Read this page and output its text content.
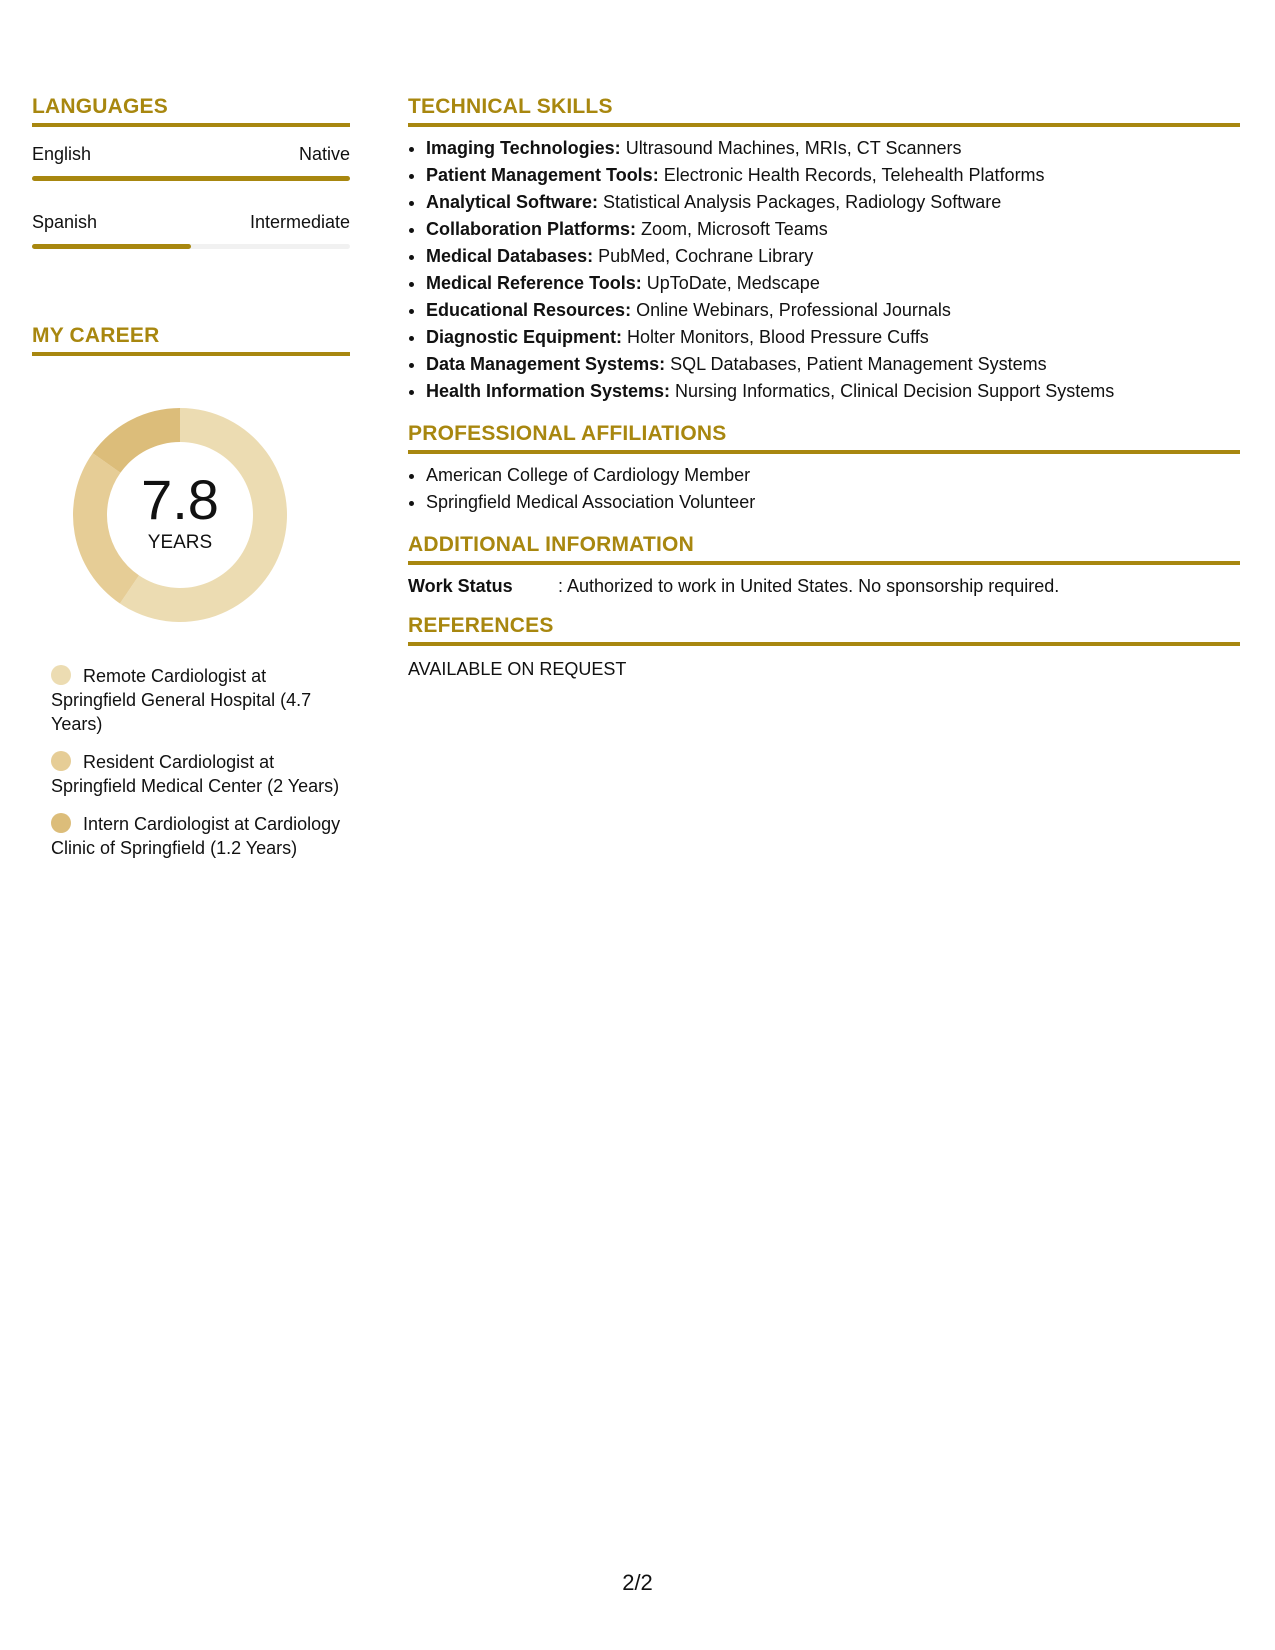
LANGUAGES
English	Native
Spanish	Intermediate
MY CAREER
7.8
YEARS
Remote Cardiologist at Springfield General Hospital (4.7 Years)
Resident Cardiologist at Springfield Medical Center (2 Years)
Intern Cardiologist at Cardiology Clinic of Springfield (1.2 Years)
TECHNICAL SKILLS
• Imaging Technologies: Ultrasound Machines, MRIs, CT Scanners
• Patient Management Tools: Electronic Health Records, Telehealth Platforms
• Analytical Software: Statistical Analysis Packages, Radiology Software
• Collaboration Platforms: Zoom, Microsoft Teams
• Medical Databases: PubMed, Cochrane Library
• Medical Reference Tools: UpToDate, Medscape
• Educational Resources: Online Webinars, Professional Journals
• Diagnostic Equipment: Holter Monitors, Blood Pressure Cuffs
• Data Management Systems: SQL Databases, Patient Management Systems
• Health Information Systems: Nursing Informatics, Clinical Decision Support Systems
PROFESSIONAL AFFILIATIONS
• American College of Cardiology Member
• Springfield Medical Association Volunteer
ADDITIONAL INFORMATION
Work Status	: Authorized to work in United States. No sponsorship required.
REFERENCES
AVAILABLE ON REQUEST
2/2
